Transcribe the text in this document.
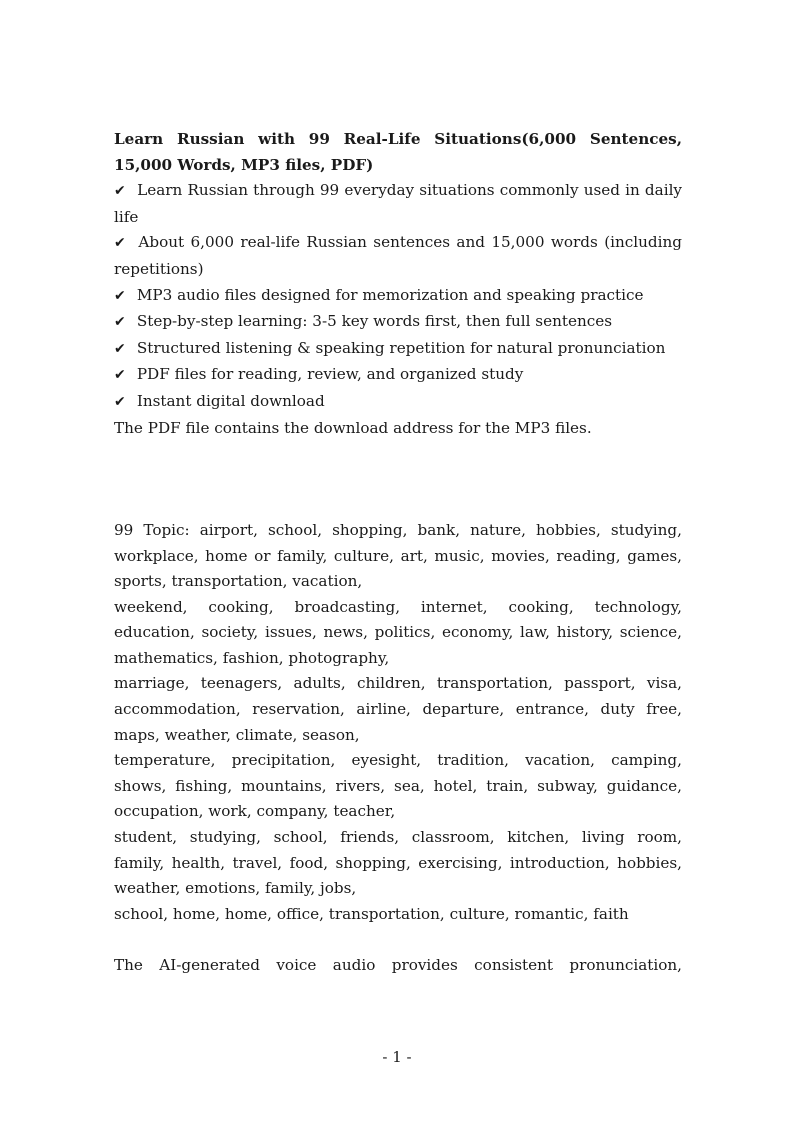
Learn Russian with 99 Real-Life Situations(6,000 Sentences, 15,000 Words, MP3 files, PDF)

✔ Learn Russian through 99 everyday situations commonly used in daily life

✔ About 6,000 real-life Russian sentences and 15,000 words (including repetitions)

✔ MP3 audio files designed for memorization and speaking practice

✔ Step-by-step learning: 3-5 key words first, then full sentences

✔ Structured listening & speaking repetition for natural pronunciation

✔ PDF files for reading, review, and organized study

✔ Instant digital download

The PDF file contains the download address for the MP3 files.

99 Topic: airport, school, shopping, bank, nature, hobbies, studying, workplace, home or family, culture, art, music, movies, reading, games, sports, transportation, vacation,

weekend, cooking, broadcasting, internet, cooking, technology, education, society, issues, news, politics, economy, law, history, science, mathematics, fashion, photography,

marriage, teenagers, adults, children, transportation, passport, visa, accommodation, reservation, airline, departure, entrance, duty free, maps, weather, climate, season,

temperature, precipitation, eyesight, tradition, vacation, camping, shows, fishing, mountains, rivers, sea, hotel, train, subway, guidance, occupation, work, company, teacher,

student, studying, school, friends, classroom, kitchen, living room, family, health, travel, food, shopping, exercising, introduction, hobbies, weather, emotions, family, jobs,

school, home, home, office, transportation, culture, romantic, faith

The AI-generated voice audio provides consistent pronunciation,

- 1 -
